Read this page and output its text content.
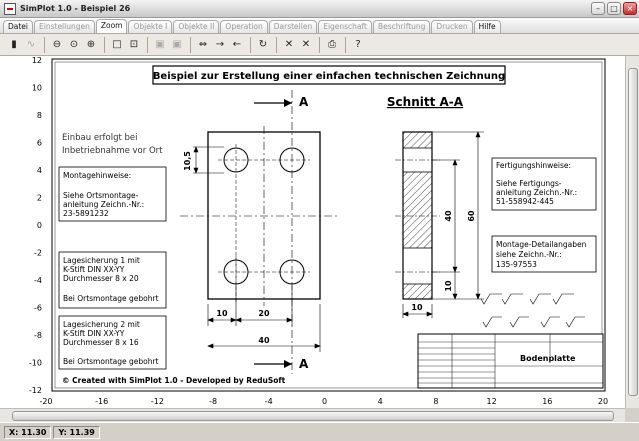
SimPlot 1.0 - Beispiel 26	–	□	×
Datei	Einstellungen	Zoom	Objekte I	Objekte II	Operation	Darstellen	Eigenschaft	Beschriftung	Drucken	Hilfe
▮	∿	⊖ ⊙ ⊕	□ ⊡	▣ ▣	⇔ → ←	↻	✕ ✕	⎙	?
12
10
8
6
4
2
0
-2
-4
-6
-8
-10
-12
Beispiel zur Erstellung einer einfachen technischen Zeichnung
Einbau erfolgt bei
Inbetriebnahme vor Ort
Montagehinweise:
Siehe Ortsmontage-
anleitung Zeichn.-Nr.:
23-5891232
Lagesicherung 1 mit
K-Stift DIN XX-YY
Durchmesser 8 x 20
Bei Ortsmontage gebohrt
Lagesicherung 2 mit
K-Stift DIN XX-YY
Durchmesser 8 x 16
Bei Ortsmontage gebohrt
A
A
10,5
10	20
40
Schnitt A-A
40
10
60
10
Fertigungshinweise:
Siehe Fertigungs-
anleitung Zeichn.-Nr.:
51-558942-445
Montage-Detailangaben
siehe Zeichn.-Nr.:
135-97553
Bodenplatte
© Created with SimPlot 1.0 - Developed by ReduSoft
-20	-16	-12	-8	-4	0	4	8	12	16	20
X: 11.30	Y: 11.39
